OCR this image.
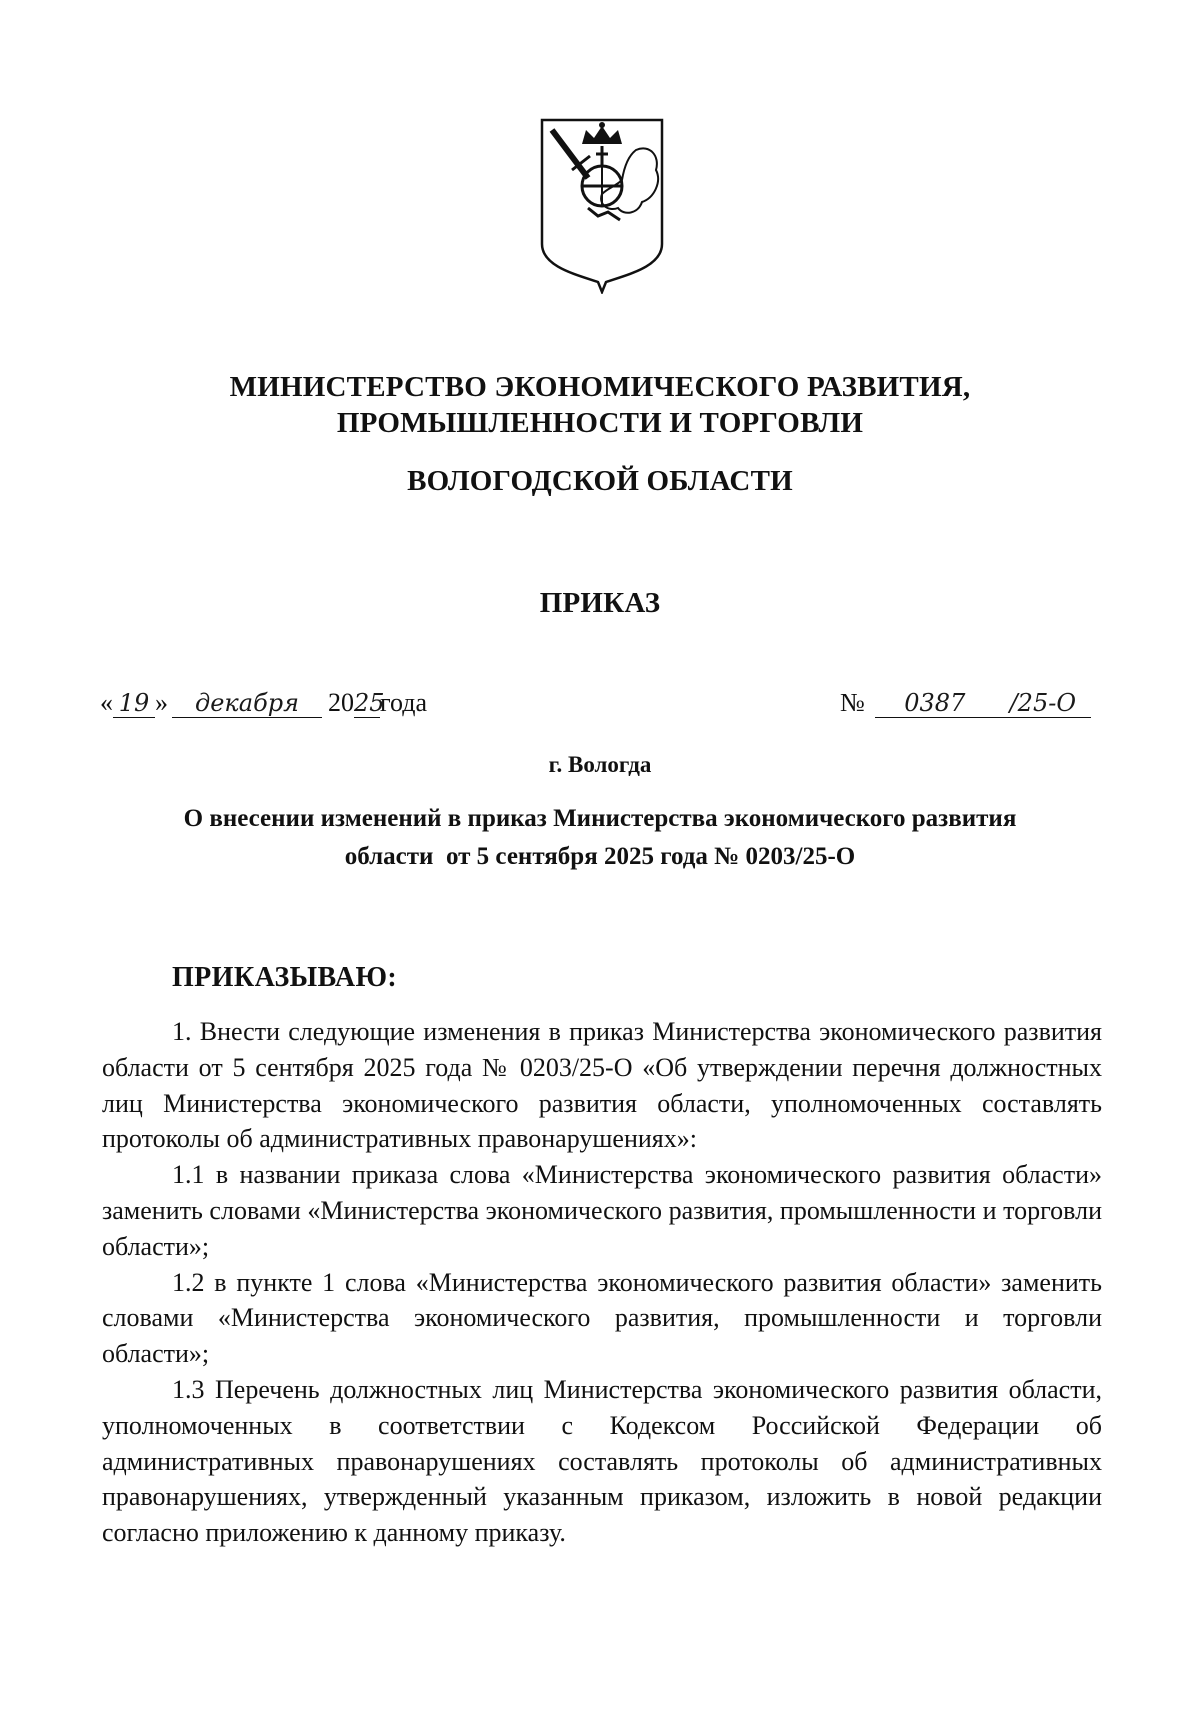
МИНИСТЕРСТВО ЭКОНОМИЧЕСКОГО РАЗВИТИЯ,
ПРОМЫШЛЕННОСТИ И ТОРГОВЛИ
ВОЛОГОДСКОЙ ОБЛАСТИ
ПРИКАЗ
« 19 » декабря 2025года	№ 0387 /25-О
г. Вологда
О внесении изменений в приказ Министерства экономического развития
области  от 5 сентября 2025 года № 0203/25-О
ПРИКАЗЫВАЮ:

1. Внести следующие изменения в приказ Министерства экономического развития области от 5 сентября 2025 года № 0203/25-О «Об утверждении перечня должностных лиц Министерства экономического развития области, уполномоченных составлять протоколы об административных правонарушениях»:

1.1 в названии приказа слова «Министерства экономического развития области» заменить словами «Министерства экономического развития, промышленности и торговли области»;

1.2 в пункте 1 слова «Министерства экономического развития области» заменить словами «Министерства экономического развития, промышленности и торговли области»;

1.3 Перечень должностных лиц Министерства экономического развития области, уполномоченных в соответствии с Кодексом Российской Федерации об административных правонарушениях составлять протоколы об административных правонарушениях, утвержденный указанным приказом, изложить в новой редакции согласно приложению к данному приказу.
